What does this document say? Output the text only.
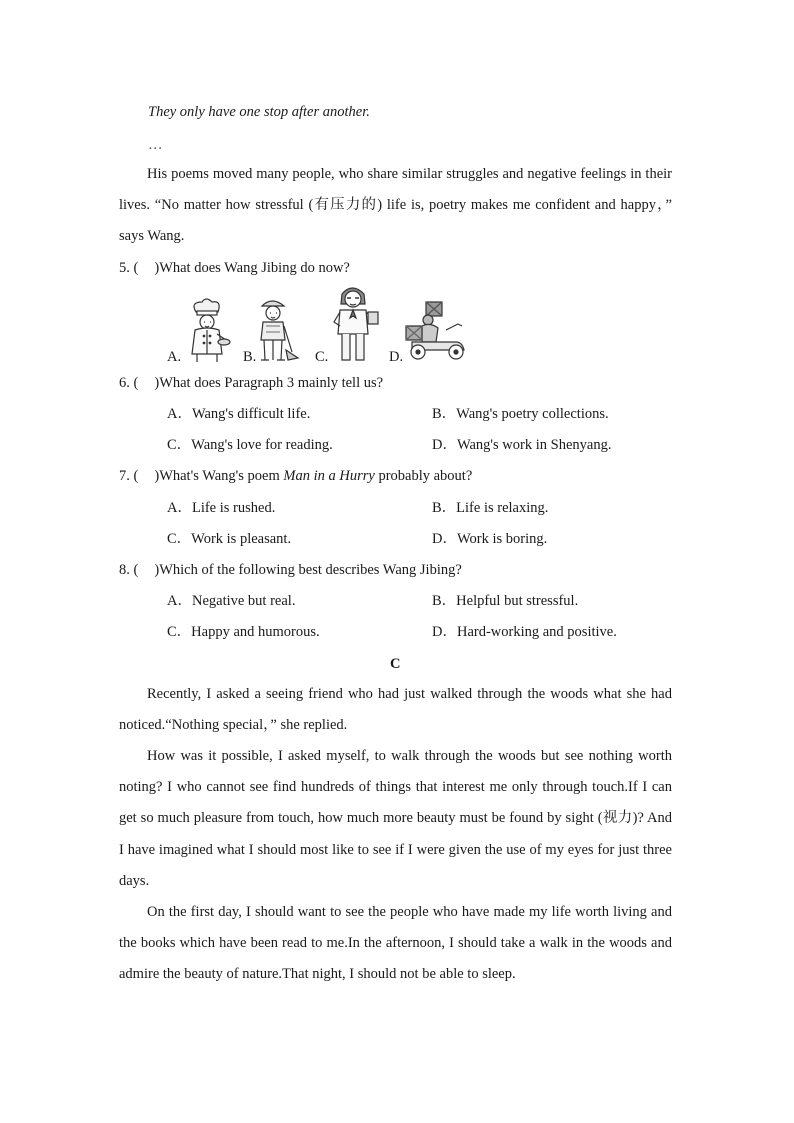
They only have one stop after another.
…

His poems moved many people, who share similar struggles and negative feelings in their lives. “No matter how stressful (有压力的) life is, poetry makes me confident and happy，” says Wang.

5. ( )What does Wang Jibing do now?
A.	B.	C.	D.
6. ( )What does Paragraph 3 mainly tell us?
A．Wang's difficult life.	B．Wang's poetry collections.
C．Wang's love for reading.	D．Wang's work in Shenyang.
7. ( )What's Wang's poem Man in a Hurry probably about?
A．Life is rushed.	B．Life is relaxing.
C．Work is pleasant.	D．Work is boring.
8. ( )Which of the following best describes Wang Jibing?
A．Negative but real.	B．Helpful but stressful.
C．Happy and humorous.	D．Hard-working and positive.
C

Recently, I asked a seeing friend who had just walked through the woods what she had noticed.“Nothing special，” she replied.

How was it possible, I asked myself, to walk through the woods but see nothing worth noting? I who cannot see find hundreds of things that interest me only through touch.If I can get so much pleasure from touch, how much more beauty must be found by sight (视力)? And I have imagined what I should most like to see if I were given the use of my eyes for just three days.

On the first day, I should want to see the people who have made my life worth living and the books which have been read to me.In the afternoon, I should take a walk in the woods and admire the beauty of nature.That night, I should not be able to sleep.
